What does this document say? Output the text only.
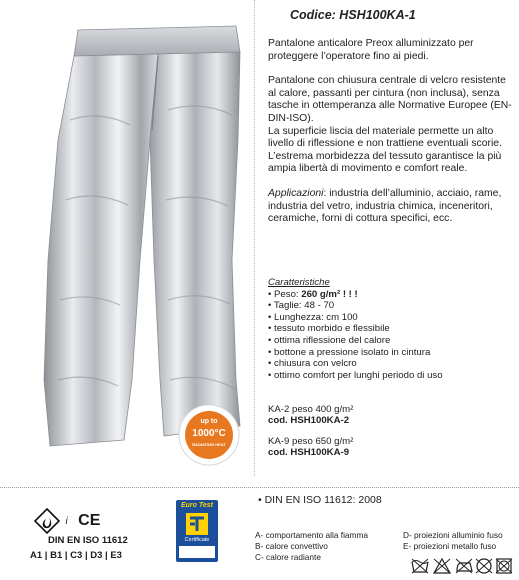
up to
1000°C
RADIATING HEAT
Codice: HSH100KA-1

Pantalone anticalore Preox alluminizzato per proteggere l’operatore fino ai piedi.

Pantalone con chiusura centrale di velcro resistente al calore, passanti per cintura (non inclusa), senza tasche in ottemperanza alle Normative Europee (EN-DIN-ISO).

La superficie liscia del materiale permette un alto livello di riflessione e non trattiene eventuali scorie. L’estrema morbidezza del tessuto garantisce la più ampia libertà di movimento e comfort reale.

Applicazioni: industria dell’alluminio, acciaio, rame, industria del vetro, industria chimica, inceneritori, ceramiche, forni di cottura specifici, ecc.

Caratteristiche
• Peso: 260 g/m² ! ! !
• Taglie: 48 - 70
• Lunghezza: cm 100
• tessuto morbido e flessibile
• ottima riflessione del calore
• bottone a pressione isolato in cintura
• chiusura con velcro
• ottimo comfort per lunghi periodo di uso
KA-2 peso 400 g/m²
cod. HSH100KA-2
KA-9 peso 650 g/m²
cod. HSH100KA-9
• DIN EN ISO 11612: 2008
i CE
DIN EN ISO 11612
A1 | B1 | C3 | D3 | E3
Euro Test
Certificate	A- comportamento alla fiamma
B- calore convettivo
C- calore radiante
D- proiezioni alluminio fuso
E- proiezioni metallo fuso
